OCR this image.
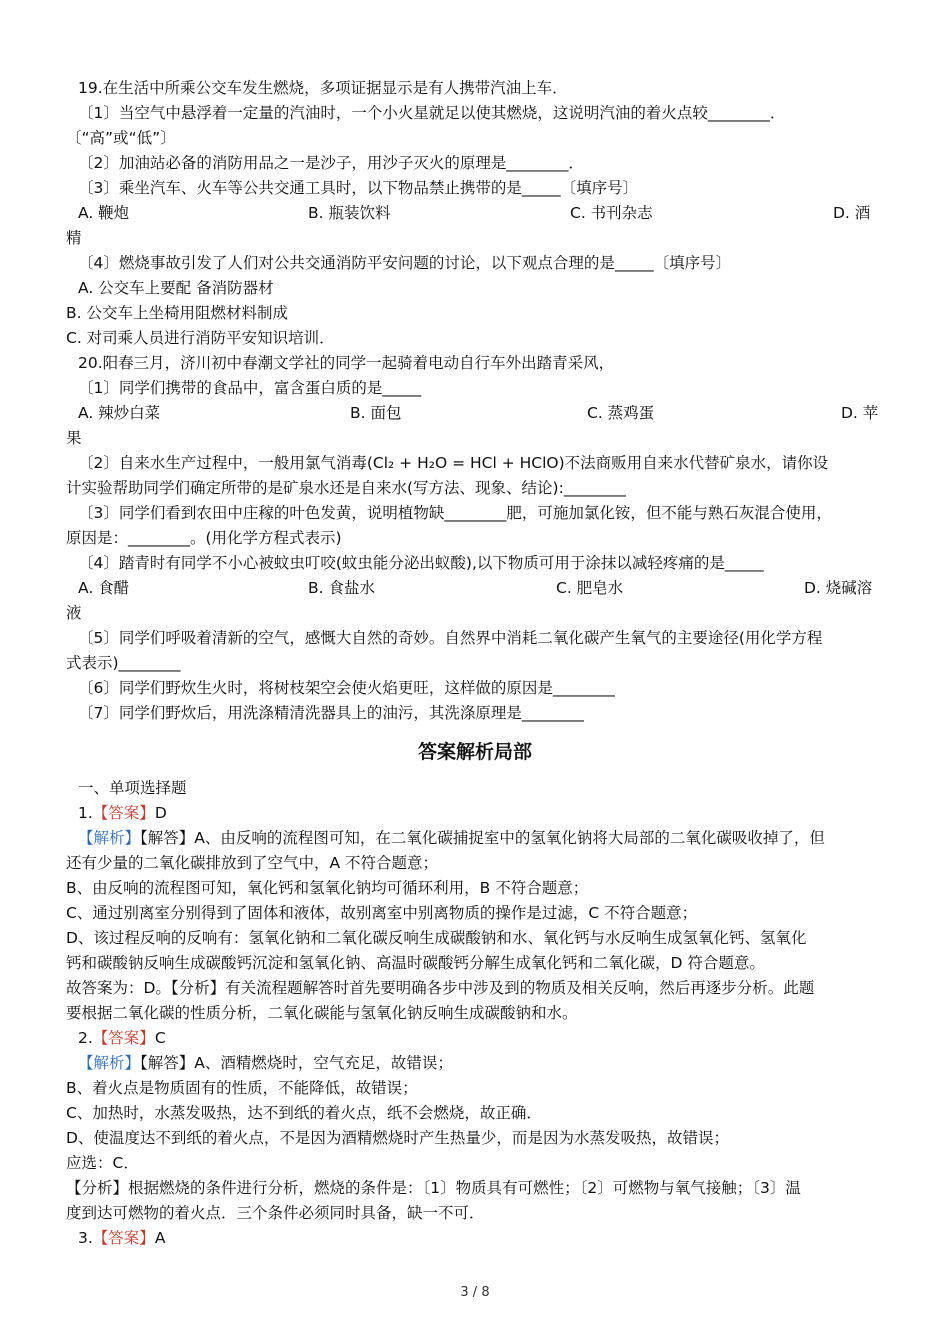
19.在生活中所乘公交车发生燃烧，多项证据显示是有人携带汽油上车．
〔1〕当空气中悬浮着一定量的汽油时，一个小火星就足以使其燃烧，这说明汽油的着火点较________．
〔“高”或“低”〕
〔2〕加油站必备的消防用品之一是沙子，用沙子灭火的原理是________．
〔3〕乘坐汽车、火车等公共交通工具时，以下物品禁止携带的是_____〔填序号〕
A. 鞭炮	B. 瓶装饮料	C. 书刊杂志	D. 酒
精
〔4〕燃烧事故引发了人们对公共交通消防平安问题的讨论，以下观点合理的是_____〔填序号〕
A. 公交车上要配 备消防器材
B. 公交车上坐椅用阻燃材料制成
C. 对司乘人员进行消防平安知识培训．
20.阳春三月，济川初中春潮文学社的同学一起骑着电动自行车外出踏青采风，
〔1〕同学们携带的食品中，富含蛋白质的是_____
A. 辣炒白菜	B. 面包	C. 蒸鸡蛋	D. 苹
果
〔2〕自来水生产过程中，一般用氯气消毒(Cl₂ + H₂O = HCl + HClO)不法商贩用自来水代替矿泉水，请你设
计实验帮助同学们确定所带的是矿泉水还是自来水(写方法、现象、结论):________
〔3〕同学们看到农田中庄稼的叶色发黄，说明植物缺________肥，可施加氯化铵，但不能与熟石灰混合使用，
原因是：________。(用化学方程式表示)
〔4〕踏青时有同学不小心被蚊虫叮咬(蚊虫能分泌出蚁酸),以下物质可用于涂抹以减轻疼痛的是_____
A. 食醋	B. 食盐水	C. 肥皂水	D. 烧碱溶
液
〔5〕同学们呼吸着清新的空气，感慨大自然的奇妙。自然界中消耗二氧化碳产生氧气的主要途径(用化学方程
式表示)________
〔6〕同学们野炊生火时，将树枝架空会使火焰更旺，这样做的原因是________
〔7〕同学们野炊后，用洗涤精清洗器具上的油污，其洗涤原理是________
答案解析局部
一、单项选择题
1.【答案】D
【解析】【解答】A、由反响的流程图可知，在二氧化碳捕捉室中的氢氧化钠将大局部的二氧化碳吸收掉了，但
还有少量的二氧化碳排放到了空气中，A 不符合题意；
B、由反响的流程图可知，氧化钙和氢氧化钠均可循环利用，B 不符合题意；
C、通过别离室分别得到了固体和液体，故别离室中别离物质的操作是过滤，C 不符合题意；
D、该过程反响的反响有：氢氧化钠和二氧化碳反响生成碳酸钠和水、氧化钙与水反响生成氢氧化钙、氢氧化
钙和碳酸钠反响生成碳酸钙沉淀和氢氧化钠、高温时碳酸钙分解生成氧化钙和二氧化碳，D 符合题意。
故答案为：D。【分析】有关流程题解答时首先要明确各步中涉及到的物质及相关反响，然后再逐步分析。此题
要根据二氧化碳的性质分析，二氧化碳能与氢氧化钠反响生成碳酸钠和水。
2.【答案】C
【解析】【解答】A、酒精燃烧时，空气充足，故错误；
B、着火点是物质固有的性质，不能降低，故错误；
C、加热时，水蒸发吸热，达不到纸的着火点，纸不会燃烧，故正确．
D、使温度达不到纸的着火点，不是因为酒精燃烧时产生热量少，而是因为水蒸发吸热，故错误；
应选：C．
【分析】根据燃烧的条件进行分析，燃烧的条件是：〔1〕物质具有可燃性；〔2〕可燃物与氧气接触；〔3〕温
度到达可燃物的着火点．三个条件必须同时具备，缺一不可．
3.【答案】A
3 / 8
